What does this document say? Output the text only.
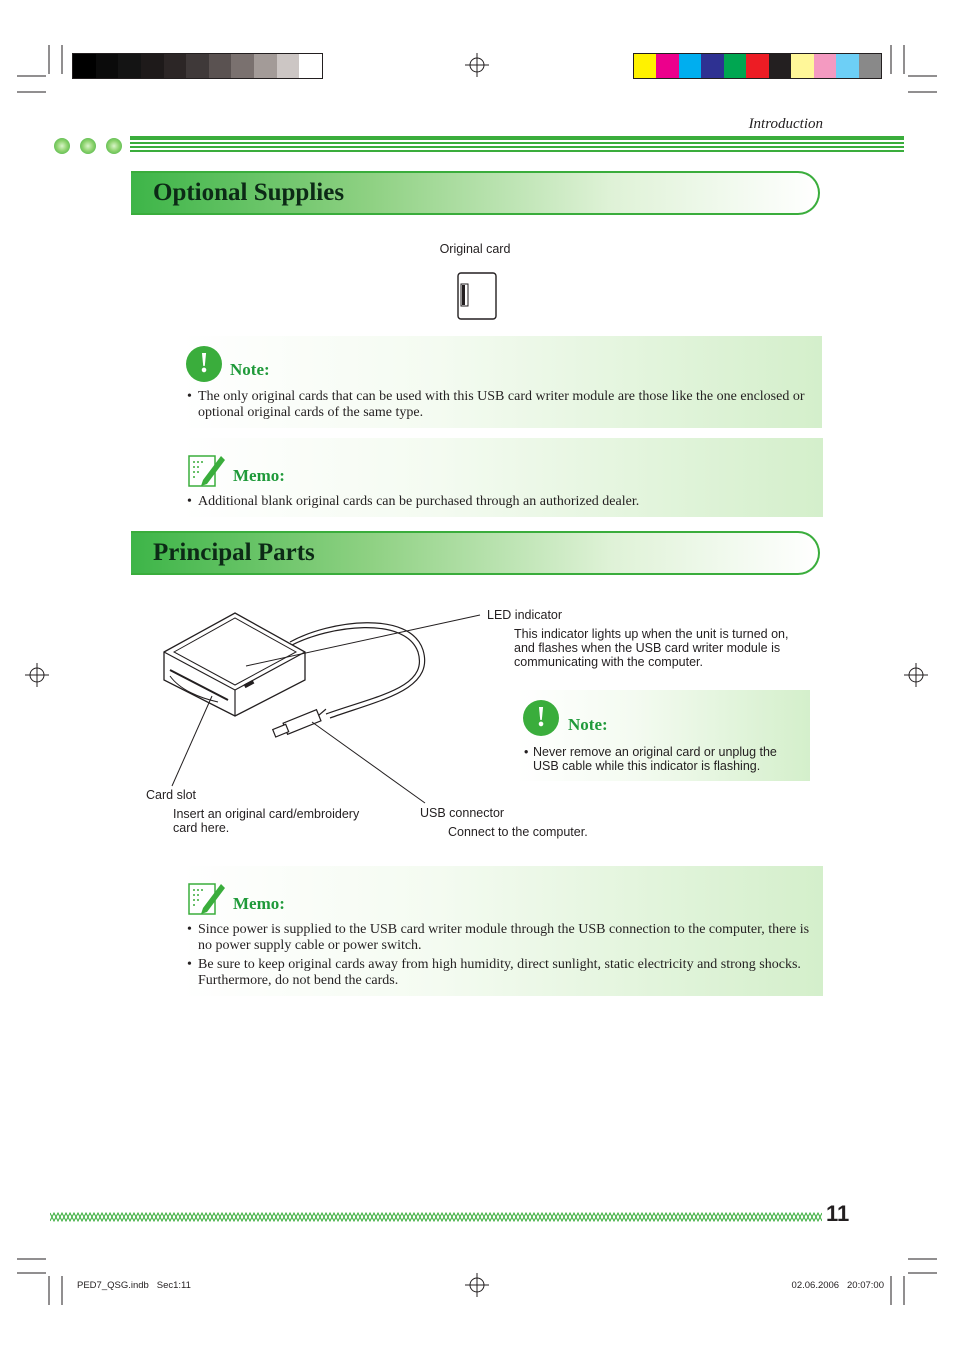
Introduction
Optional Supplies
Original card
!	Note:
• The only original cards that can be used with this USB card writer module are those like the one enclosed or optional original cards of the same type.
Memo:
• Additional blank original cards can be purchased through an authorized dealer.
Principal Parts
LED indicator
This indicator lights up when the unit is turned on, and flashes when the USB card writer module is communicating with the computer.
!	Note:
• Never remove an original card or unplug the USB cable while this indicator is flashing.
Card slot
Insert an original card/embroidery card here.
USB connector
Connect to the computer.
Memo:
• Since power is supplied to the USB card writer module through the USB connection to the computer, there is no power supply cable or power switch.
• Be sure to keep original cards away from high humidity, direct sunlight, static electricity and strong shocks. Furthermore, do not bend the cards.
11
PED7_QSG.indb   Sec1:11	02.06.2006   20:07:00
